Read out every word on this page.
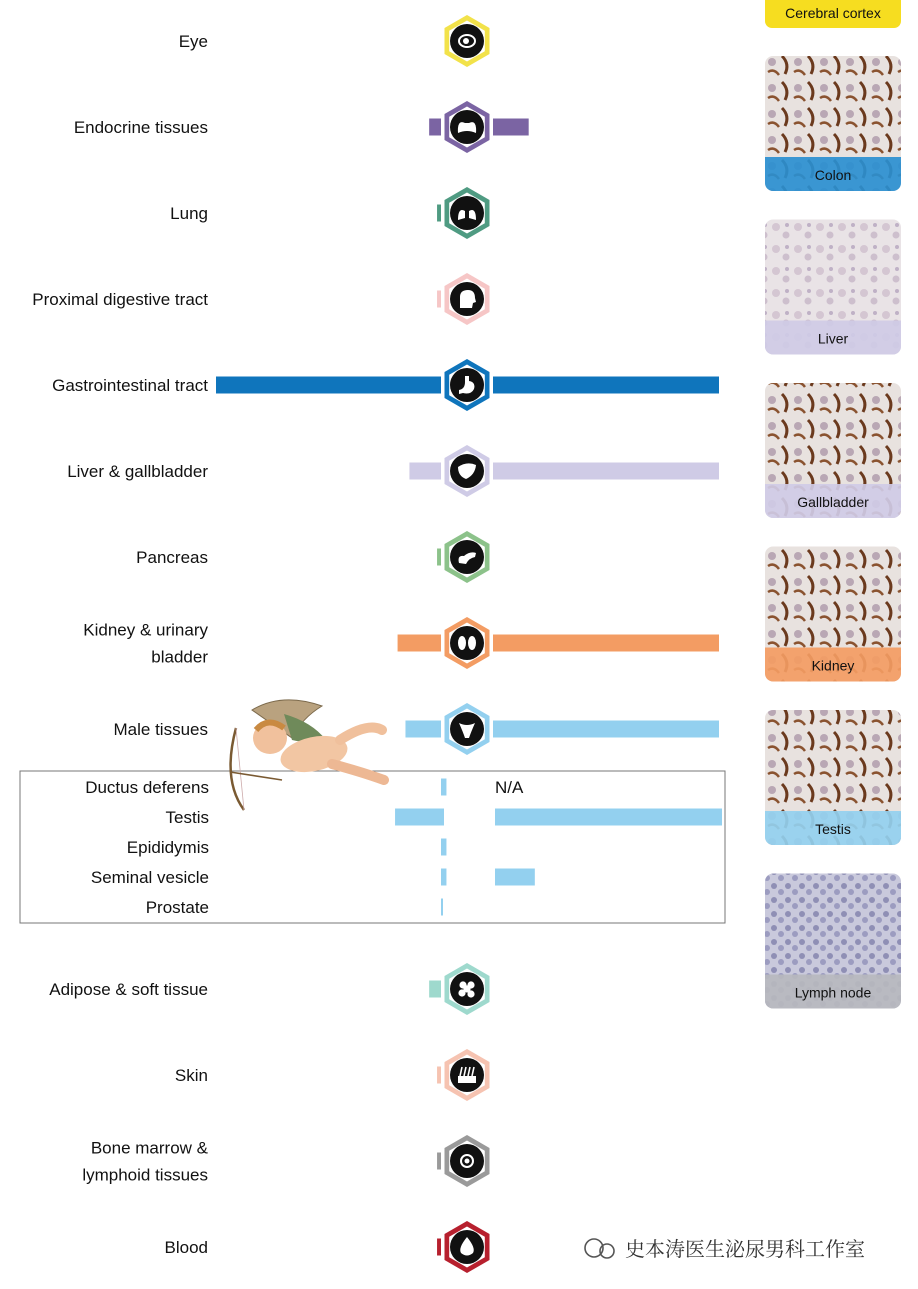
Eye
Endocrine tissues
Lung
Proximal digestive tract
Gastrointestinal tract
Liver & gallbladder
Pancreas
Kidney & urinary
bladder
Male tissues
Adipose & soft tissue
Skin
Bone marrow &
lymphoid tissues
Blood
Ductus deferens	N/A
Testis
Epididymis
Seminal vesicle
Prostate
Cerebral cortex
Colon
Liver
Gallbladder
Kidney
Testis
Lymph node
史本涛医生泌尿男科工作室
